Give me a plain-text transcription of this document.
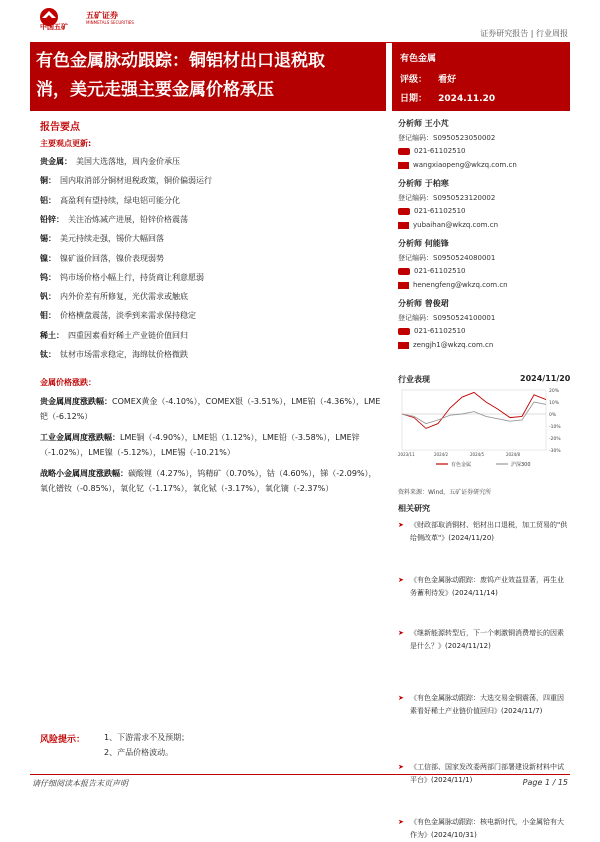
中国五矿
五矿证券
MINMETALS SECURITIES
证券研究报告 | 行业周报
有色金属脉动跟踪：铜铝材出口退税取
消，美元走强主要金属价格承压
有色金属
评级： 看好
日期： 2024.11.20
报告要点
主要观点更新:
贵金属： 美国大选落地，周内金价承压
铜： 国内取消部分铜材退税政策，铜价偏弱运行
铝： 高盈利有望持续，绿电铝可能分化
铅锌： 关注冶炼减产进展，铅锌价格震荡
锡： 美元持续走强，锡价大幅回落
镍： 镍矿溢价回落，镍价表现弱势
钨： 钨市场价格小幅上行，持货商让利意愿弱
钒： 内外价差有所修复，光伏需求或触底
钼： 价格横盘震荡，淡季到来需求保持稳定
稀土： 四重因素看好稀土产业链价值回归
钛： 钛材市场需求稳定，海绵钛价格微跌
金属价格涨跌：
贵金属周度涨跌幅：COMEX黄金（-4.10%），COMEX银（-3.51%），LME铂（-4.36%），LME钯（-6.12%）
工业金属周度涨跌幅：LME铜（-4.90%），LME铝（1.12%），LME铅（-3.58%），LME锌（-1.02%），LME镍（-5.12%），LME锡（-10.21%）
战略小金属周度涨跌幅：碳酸锂（4.27%），钨精矿（0.70%），钴（4.60%），锑（-2.09%），氧化镨钕（-0.85%），氧化钇（-1.17%），氧化铽（-3.17%），氧化镝（-2.37%）
分析师 王小芃
登记编码：S0950523050002
021-61102510
wangxiaopeng@wkzq.com.cn
分析师 于柏寒
登记编码：S0950523120002
021-61102510
yubaihan@wkzq.com.cn
分析师 何能锋
登记编码：S0950524080001
021-61102510
henengfeng@wkzq.com.cn
分析师 曾俊珺
登记编码：S0950524100001
021-61102510
zengjh1@wkzq.com.cn
行业表现	2024/11/20
20%
10%
0%
-10%
-20%
-30%
2023/11	2024/2	2024/5	2024/8
有色金属	沪深300
资料来源：Wind，五矿证券研究所
相关研究
➤ 《财政部取消铜材、铝材出口退税，加工贸易的"供给侧改革"》(2024/11/20)
➤ 《有色金属脉动跟踪：废钨产业效益显著，再生业务蓄利待发》(2024/11/14)
➤ 《继新能源转型后，下一个刺激铜消费增长的因素是什么？》(2024/11/12)
➤ 《有色金属脉动跟踪：大选交易金铜震荡，四重因素看好稀土产业链价值回归》(2024/11/7)
➤ 《工信部、国家发改委两部门部署建设新材料中试平台》(2024/11/1)
➤ 《有色金属脉动跟踪：核电新时代，小金属铪有大作为》(2024/10/31)
风险提示： 1、下游需求不及预期；
2、产品价格波动。
请仔细阅读本报告末页声明	Page 1 / 15
